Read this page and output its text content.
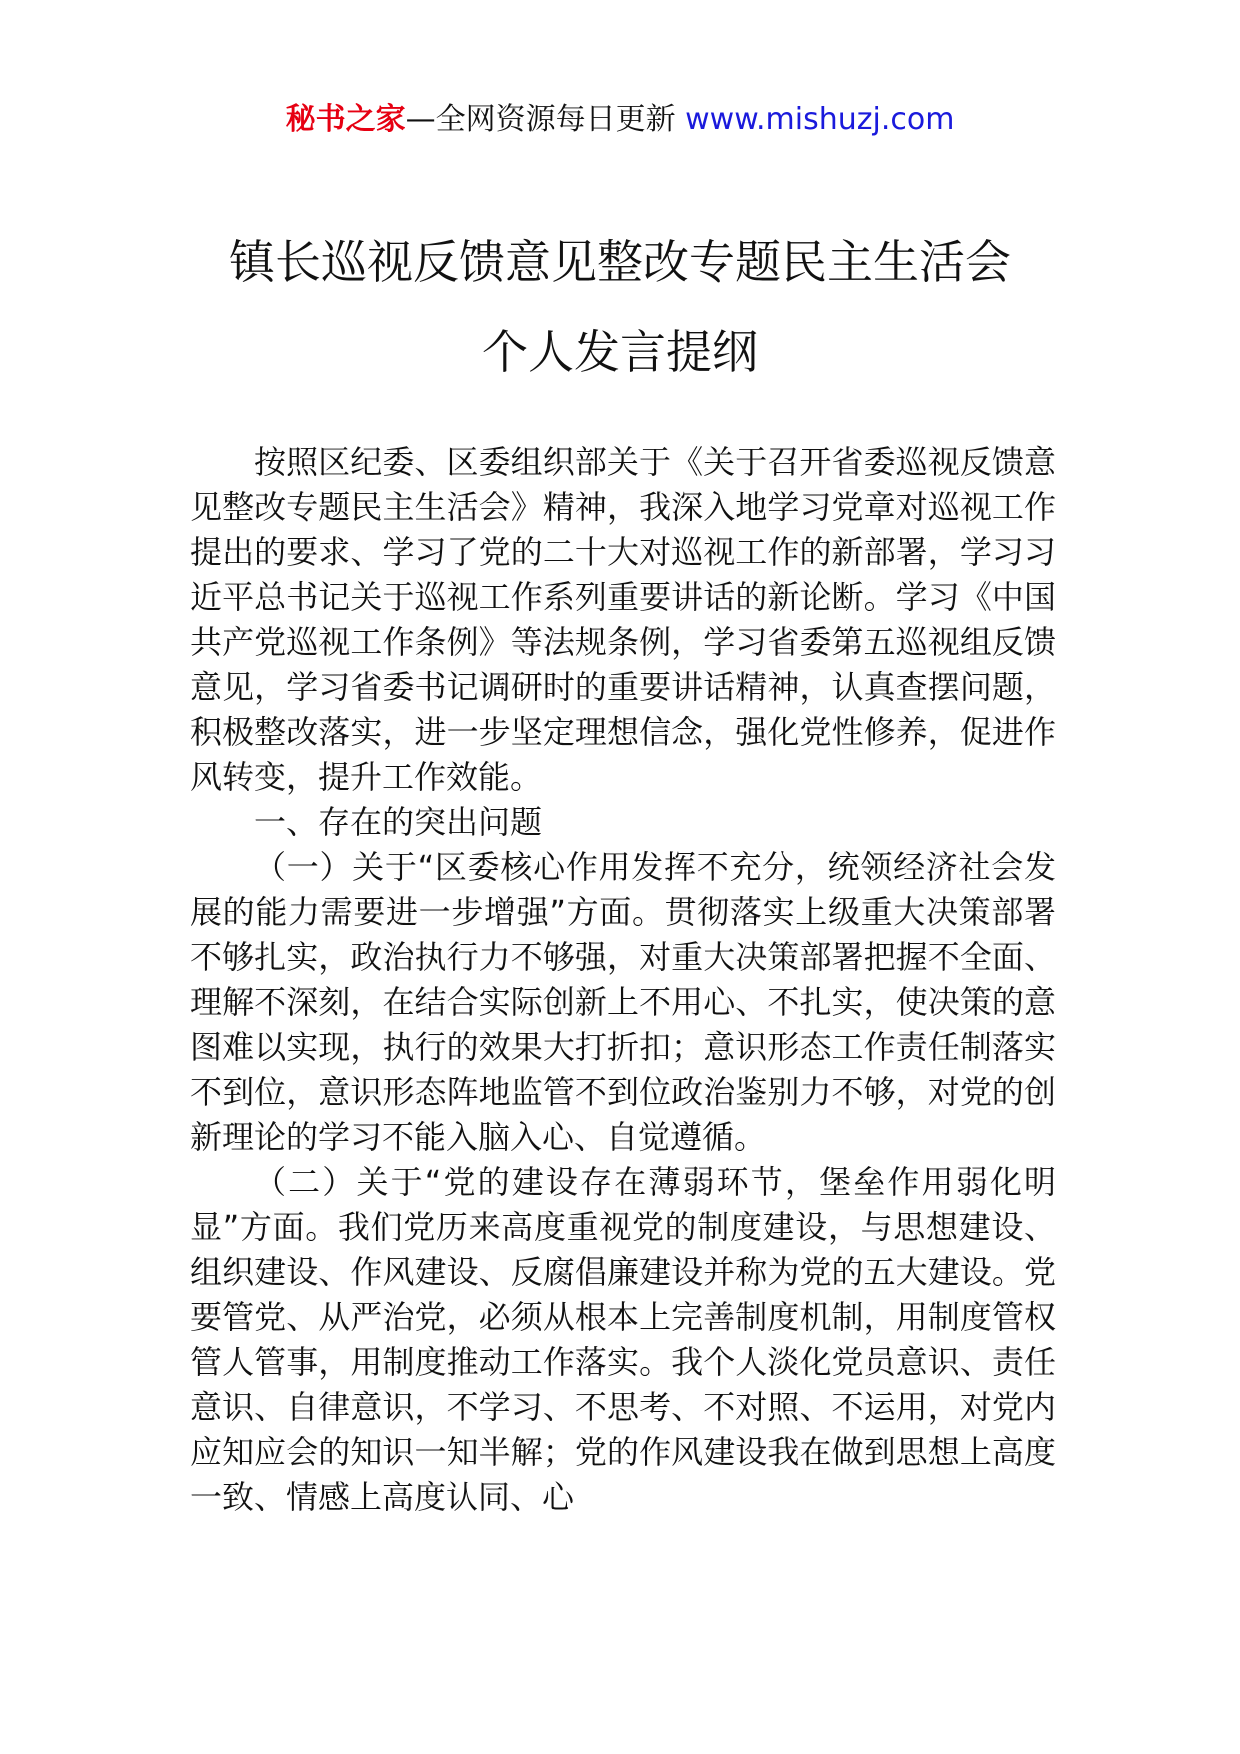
秘书之家—全网资源每日更新 www.mishuzj.com
镇长巡视反馈意见整改专题民主生活会
个人发言提纲

按照区纪委、区委组织部关于《关于召开省委巡视反馈意见整改专题民主生活会》精神，我深入地学习党章对巡视工作提出的要求、学习了党的二十大对巡视工作的新部署，学习习近平总书记关于巡视工作系列重要讲话的新论断。学习《中国共产党巡视工作条例》等法规条例，学习省委第五巡视组反馈意见，学习省委书记调研时的重要讲话精神，认真查摆问题，积极整改落实，进一步坚定理想信念，强化党性修养，促进作风转变，提升工作效能。

一、存在的突出问题

（一）关于“区委核心作用发挥不充分，统领经济社会发展的能力需要进一步增强”方面。贯彻落实上级重大决策部署不够扎实，政治执行力不够强，对重大决策部署把握不全面、理解不深刻，在结合实际创新上不用心、不扎实，使决策的意图难以实现，执行的效果大打折扣；意识形态工作责任制落实不到位，意识形态阵地监管不到位政治鉴别力不够，对党的创新理论的学习不能入脑入心、自觉遵循。

（二）关于“党的建设存在薄弱环节，堡垒作用弱化明显”方面。我们党历来高度重视党的制度建设，与思想建设、组织建设、作风建设、反腐倡廉建设并称为党的五大建设。党要管党、从严治党，必须从根本上完善制度机制，用制度管权管人管事，用制度推动工作落实。我个人淡化党员意识、责任意识、自律意识，不学习、不思考、不对照、不运用，对党内应知应会的知识一知半解；党的作风建设我在做到思想上高度一致、情感上高度认同、心
